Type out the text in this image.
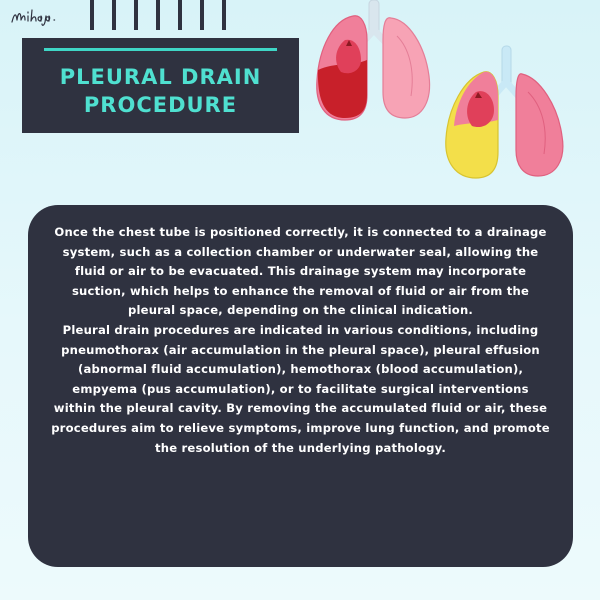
PLEURAL DRAIN
PROCEDURE

Once the chest tube is positioned correctly, it is connected to a drainage system, such as a collection chamber or underwater seal, allowing the fluid or air to be evacuated. This drainage system may incorporate suction, which helps to enhance the removal of fluid or air from the pleural space, depending on the clinical indication.

Pleural drain procedures are indicated in various conditions, including pneumothorax (air accumulation in the pleural space), pleural effusion (abnormal fluid accumulation), hemothorax (blood accumulation), empyema (pus accumulation), or to facilitate surgical interventions within the pleural cavity. By removing the accumulated fluid or air, these procedures aim to relieve symptoms, improve lung function, and promote the resolution of the underlying pathology.
